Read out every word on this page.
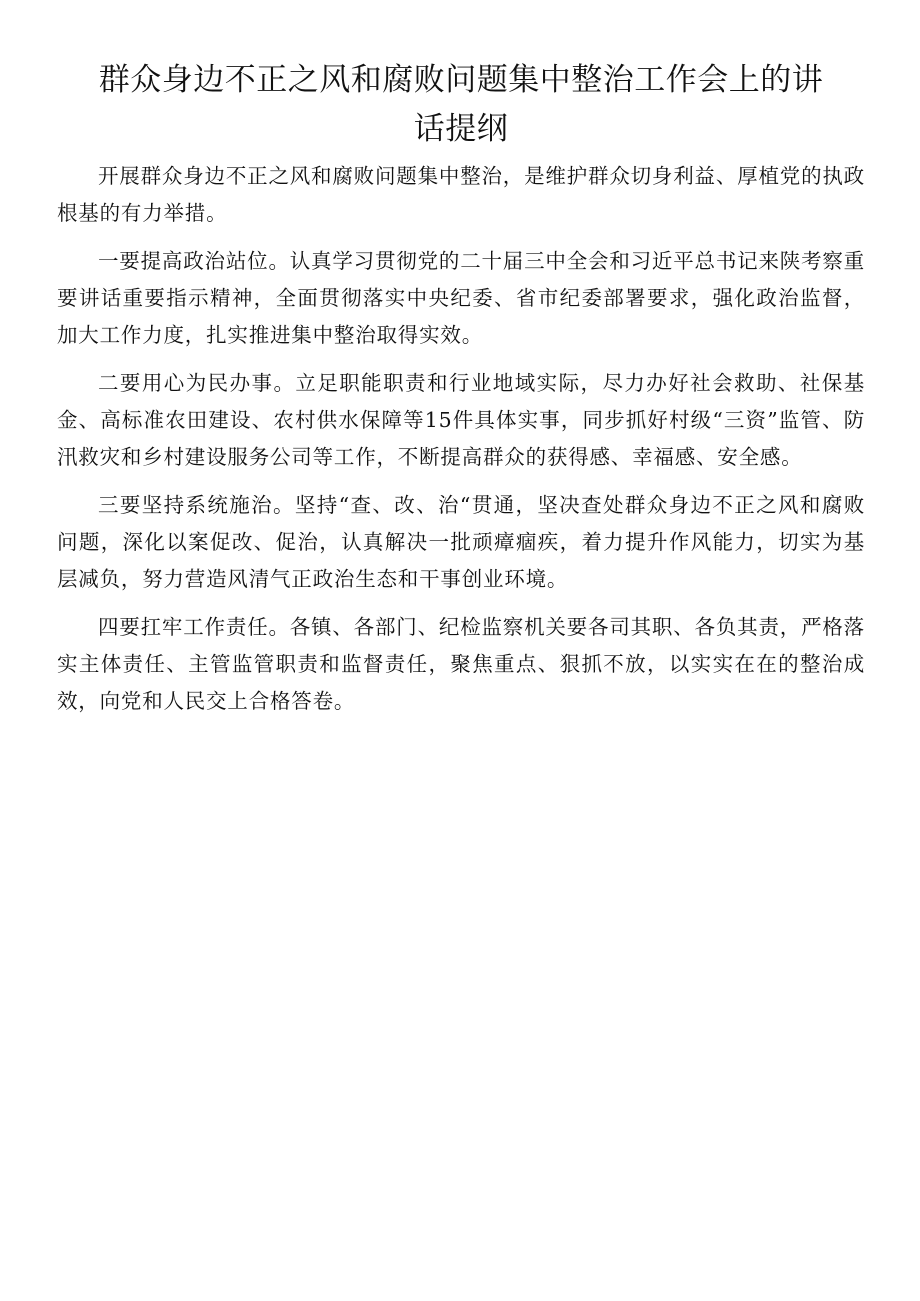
群众身边不正之风和腐败问题集中整治工作会上的讲
话提纲

开展群众身边不正之风和腐败问题集中整治，是维护群众切身利益、厚植党的执政根基的有力举措。

一要提高政治站位。认真学习贯彻党的二十届三中全会和习近平总书记来陕考察重要讲话重要指示精神，全面贯彻落实中央纪委、省市纪委部署要求，强化政治监督，加大工作力度，扎实推进集中整治取得实效。

二要用心为民办事。立足职能职责和行业地域实际，尽力办好社会救助、社保基金、高标准农田建设、农村供水保障等15件具体实事，同步抓好村级“三资”监管、防汛救灾和乡村建设服务公司等工作，不断提高群众的获得感、幸福感、安全感。

三要坚持系统施治。坚持“查、改、治“贯通，坚决查处群众身边不正之风和腐败问题，深化以案促改、促治，认真解决一批顽瘴痼疾，着力提升作风能力，切实为基层减负，努力营造风清气正政治生态和干事创业环境。

四要扛牢工作责任。各镇、各部门、纪检监察机关要各司其职、各负其责，严格落实主体责任、主管监管职责和监督责任，聚焦重点、狠抓不放，以实实在在的整治成效，向党和人民交上合格答卷。
